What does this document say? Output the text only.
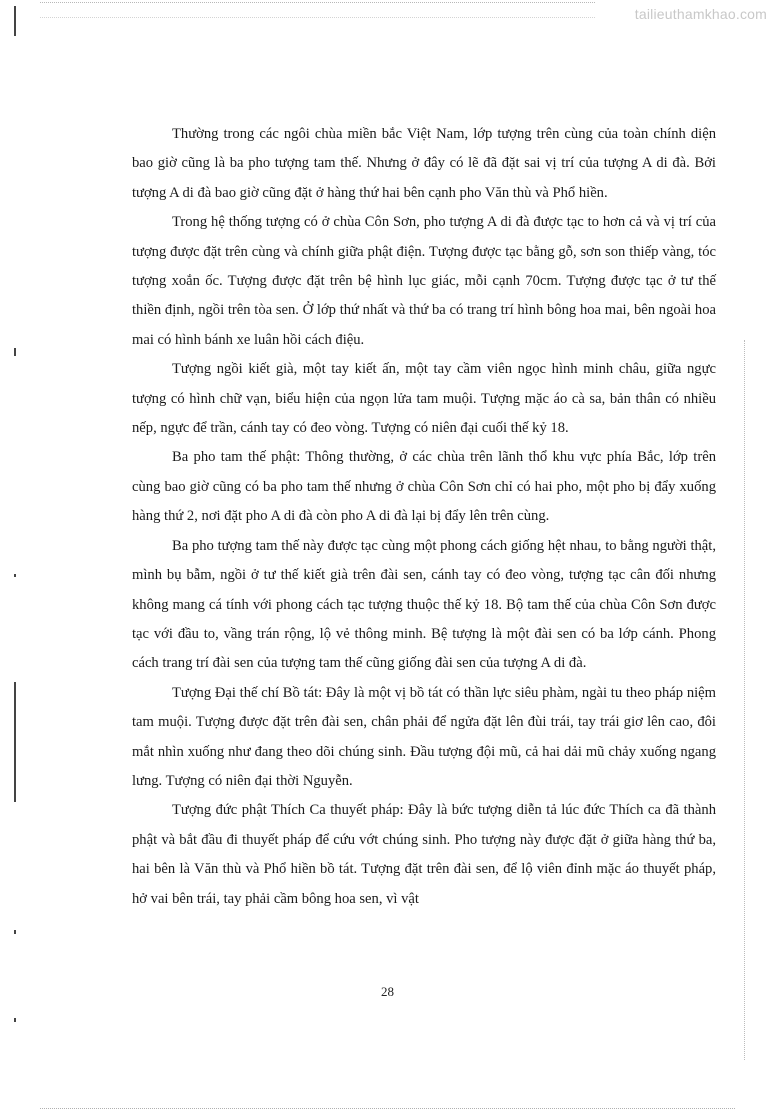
tailieuthamkhao.com

Thường trong các ngôi chùa miền bắc Việt Nam, lớp tượng trên cùng của toàn chính diện bao giờ cũng là ba pho tượng tam thế. Nhưng ở đây có lẽ đã đặt sai vị trí của tượng A di đà. Bởi tượng A di đà bao giờ cũng đặt ở hàng thứ hai bên cạnh pho Văn thù và Phổ hiền.

Trong hệ thống tượng có ở chùa Côn Sơn, pho tượng A di đà được tạc to hơn cả và vị trí của tượng được đặt trên cùng và chính giữa phật điện. Tượng được tạc bằng gỗ, sơn son thiếp vàng, tóc tượng xoắn ốc. Tượng được đặt trên bệ hình lục giác, mỗi cạnh 70cm. Tượng được tạc ở tư thế thiền định, ngồi trên tòa sen. Ở lớp thứ nhất và thứ ba có trang trí hình bông hoa mai, bên ngoài hoa mai có hình bánh xe luân hồi cách điệu.

Tượng ngồi kiết già, một tay kiết ấn, một tay cầm viên ngọc hình minh châu, giữa ngực tượng có hình chữ vạn, biểu hiện của ngọn lửa tam muội. Tượng mặc áo cà sa, bản thân có nhiều nếp, ngực để trần, cánh tay có đeo vòng. Tượng có niên đại cuối thế kỷ 18.

Ba pho tam thế phật: Thông thường, ở các chùa trên lãnh thổ khu vực phía Bắc, lớp trên cùng bao giờ cũng có ba pho tam thế nhưng ở chùa Côn Sơn chỉ có hai pho, một pho bị đẩy xuống hàng thứ 2, nơi đặt pho A di đà còn pho A di đà lại bị đẩy lên trên cùng.

Ba pho tượng tam thế này được tạc cùng một phong cách giống hệt nhau, to bằng người thật, mình bụ bẫm, ngồi ở tư thế kiết già trên đài sen, cánh tay có đeo vòng, tượng tạc cân đối nhưng không mang cá tính với phong cách tạc tượng thuộc thế kỷ 18. Bộ tam thế của chùa Côn Sơn được tạc với đầu to, vầng trán rộng, lộ vẻ thông minh. Bệ tượng là một đài sen có ba lớp cánh. Phong cách trang trí đài sen của tượng tam thế cũng giống đài sen của tượng A di đà.

Tượng Đại thế chí Bồ tát: Đây là một vị bồ tát có thần lực siêu phàm, ngài tu theo pháp niệm tam muội. Tượng được đặt trên đài sen, chân phải để ngửa đặt lên đùi trái, tay trái giơ lên cao, đôi mắt nhìn xuống như đang theo dõi chúng sinh. Đầu tượng đội mũ, cả hai dải mũ chảy xuống ngang lưng. Tượng có niên đại thời Nguyễn.

Tượng đức phật Thích Ca thuyết pháp: Đây là bức tượng diễn tả lúc đức Thích ca đã thành phật và bắt đầu đi thuyết pháp để cứu vớt chúng sinh. Pho tượng này được đặt ở giữa hàng thứ ba, hai bên là Văn thù và Phổ hiền bồ tát. Tượng đặt trên đài sen, để lộ viên đỉnh mặc áo thuyết pháp, hở vai bên trái, tay phải cầm bông hoa sen, vì vật

28
